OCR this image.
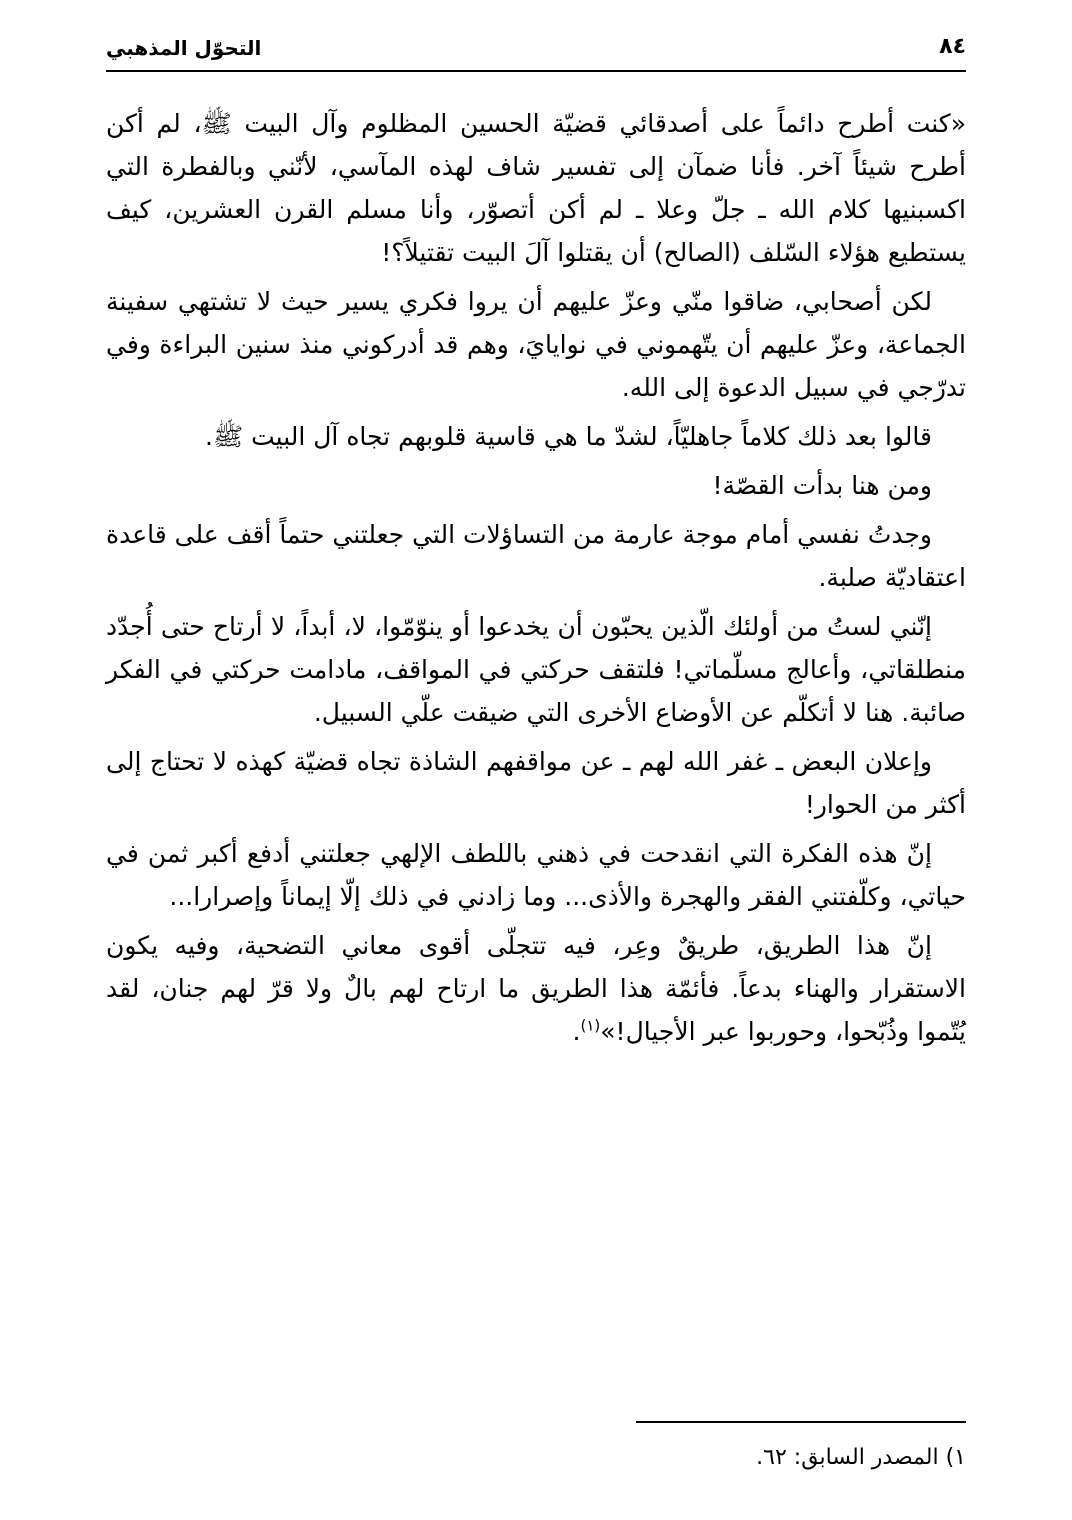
التحوّل المذهبي	٨٤

«كنت أطرح دائماً على أصدقائي قضيّة الحسين المظلوم وآل البيت ﷺ، لم أكن أطرح شيئاً آخر. فأنا ضمآن إلى تفسير شاف لهذه المآسي، لأنّني وبالفطرة التي اكسبنيها كلام الله ـ جلّ وعلا ـ لم أكن أتصوّر، وأنا مسلم القرن العشرين، كيف يستطيع هؤلاء السّلف (الصالح) أن يقتلوا آلَ البيت تقتيلاً؟!

لكن أصحابي، ضاقوا منّي وعزّ عليهم أن يروا فكري يسير حيث لا تشتهي سفينة الجماعة، وعزّ عليهم أن يتّهموني في نوايايَ، وهم قد أدركوني منذ سنين البراءة وفي تدرّجي في سبيل الدعوة إلى الله.

قالوا بعد ذلك كلاماً جاهليّاً، لشدّ ما هي قاسية قلوبهم تجاه آل البيت ﷺ.

ومن هنا بدأت القصّة!

وجدتُ نفسي أمام موجة عارمة من التساؤلات التي جعلتني حتماً أقف على قاعدة اعتقاديّة صلبة.

إنّني لستُ من أولئك الّذين يحبّون أن يخدعوا أو ينوّمّوا، لا، أبداً، لا أرتاح حتى أُجدّد منطلقاتي، وأعالج مسلّماتي! فلتقف حركتي في المواقف، مادامت حركتي في الفكر صائبة. هنا لا أتكلّم عن الأوضاع الأخرى التي ضيقت علّي السبيل.

وإعلان البعض ـ غفر الله لهم ـ عن مواقفهم الشاذة تجاه قضيّة كهذه لا تحتاج إلى أكثر من الحوار!

إنّ هذه الفكرة التي انقدحت في ذهني باللطف الإلهي جعلتني أدفع أكبر ثمن في حياتي، وكلّفتني الفقر والهجرة والأذى... وما زادني في ذلك إلّا إيماناً وإصرارا...

إنّ هذا الطريق، طريقٌ وعِر، فيه تتجلّى أقوى معاني التضحية، وفيه يكون الاستقرار والهناء بدعاً. فأئمّة هذا الطريق ما ارتاح لهم بالٌ ولا قرّ لهم جنان، لقد يُتّموا وذُبّحوا، وحوربوا عبر الأجيال!»$^{(١)}$.

١) المصدر السابق: ٦٢.
